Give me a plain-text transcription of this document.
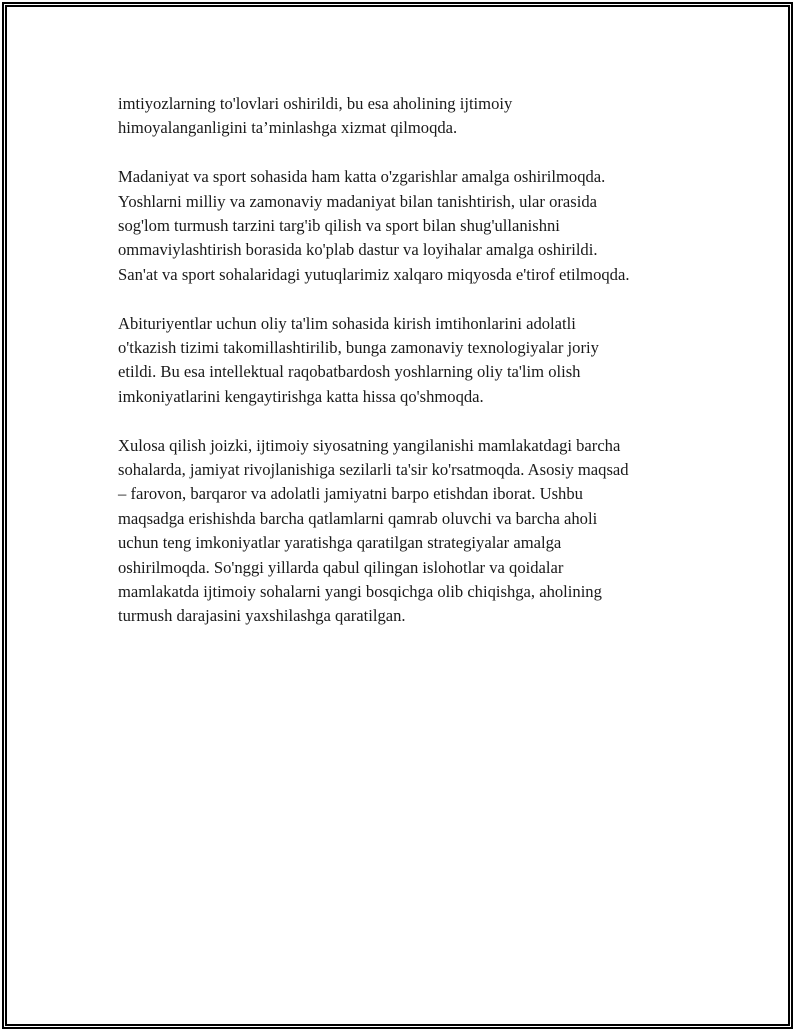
imtiyozlarning to'lovlari oshirildi, bu esa aholining ijtimoiy
himoyalanganligini ta’minlashga xizmat qilmoqda.
Madaniyat va sport sohasida ham katta o'zgarishlar amalga oshirilmoqda.
Yoshlarni milliy va zamonaviy madaniyat bilan tanishtirish, ular orasida
sog'lom turmush tarzini targ'ib qilish va sport bilan shug'ullanishni
ommaviylashtirish borasida ko'plab dastur va loyihalar amalga oshirildi.
San'at va sport sohalaridagi yutuqlarimiz xalqaro miqyosda e'tirof etilmoqda.
Abituriyentlar uchun oliy ta'lim sohasida kirish imtihonlarini adolatli
o'tkazish tizimi takomillashtirilib, bunga zamonaviy texnologiyalar joriy
etildi. Bu esa intellektual raqobatbardosh yoshlarning oliy ta'lim olish
imkoniyatlarini kengaytirishga katta hissa qo'shmoqda.
Xulosa qilish joizki, ijtimoiy siyosatning yangilanishi mamlakatdagi barcha
sohalarda, jamiyat rivojlanishiga sezilarli ta'sir ko'rsatmoqda. Asosiy maqsad
– farovon, barqaror va adolatli jamiyatni barpo etishdan iborat. Ushbu
maqsadga erishishda barcha qatlamlarni qamrab oluvchi va barcha aholi
uchun teng imkoniyatlar yaratishga qaratilgan strategiyalar amalga
oshirilmoqda. So'nggi yillarda qabul qilingan islohotlar va qoidalar
mamlakatda ijtimoiy sohalarni yangi bosqichga olib chiqishga, aholining
turmush darajasini yaxshilashga qaratilgan.
